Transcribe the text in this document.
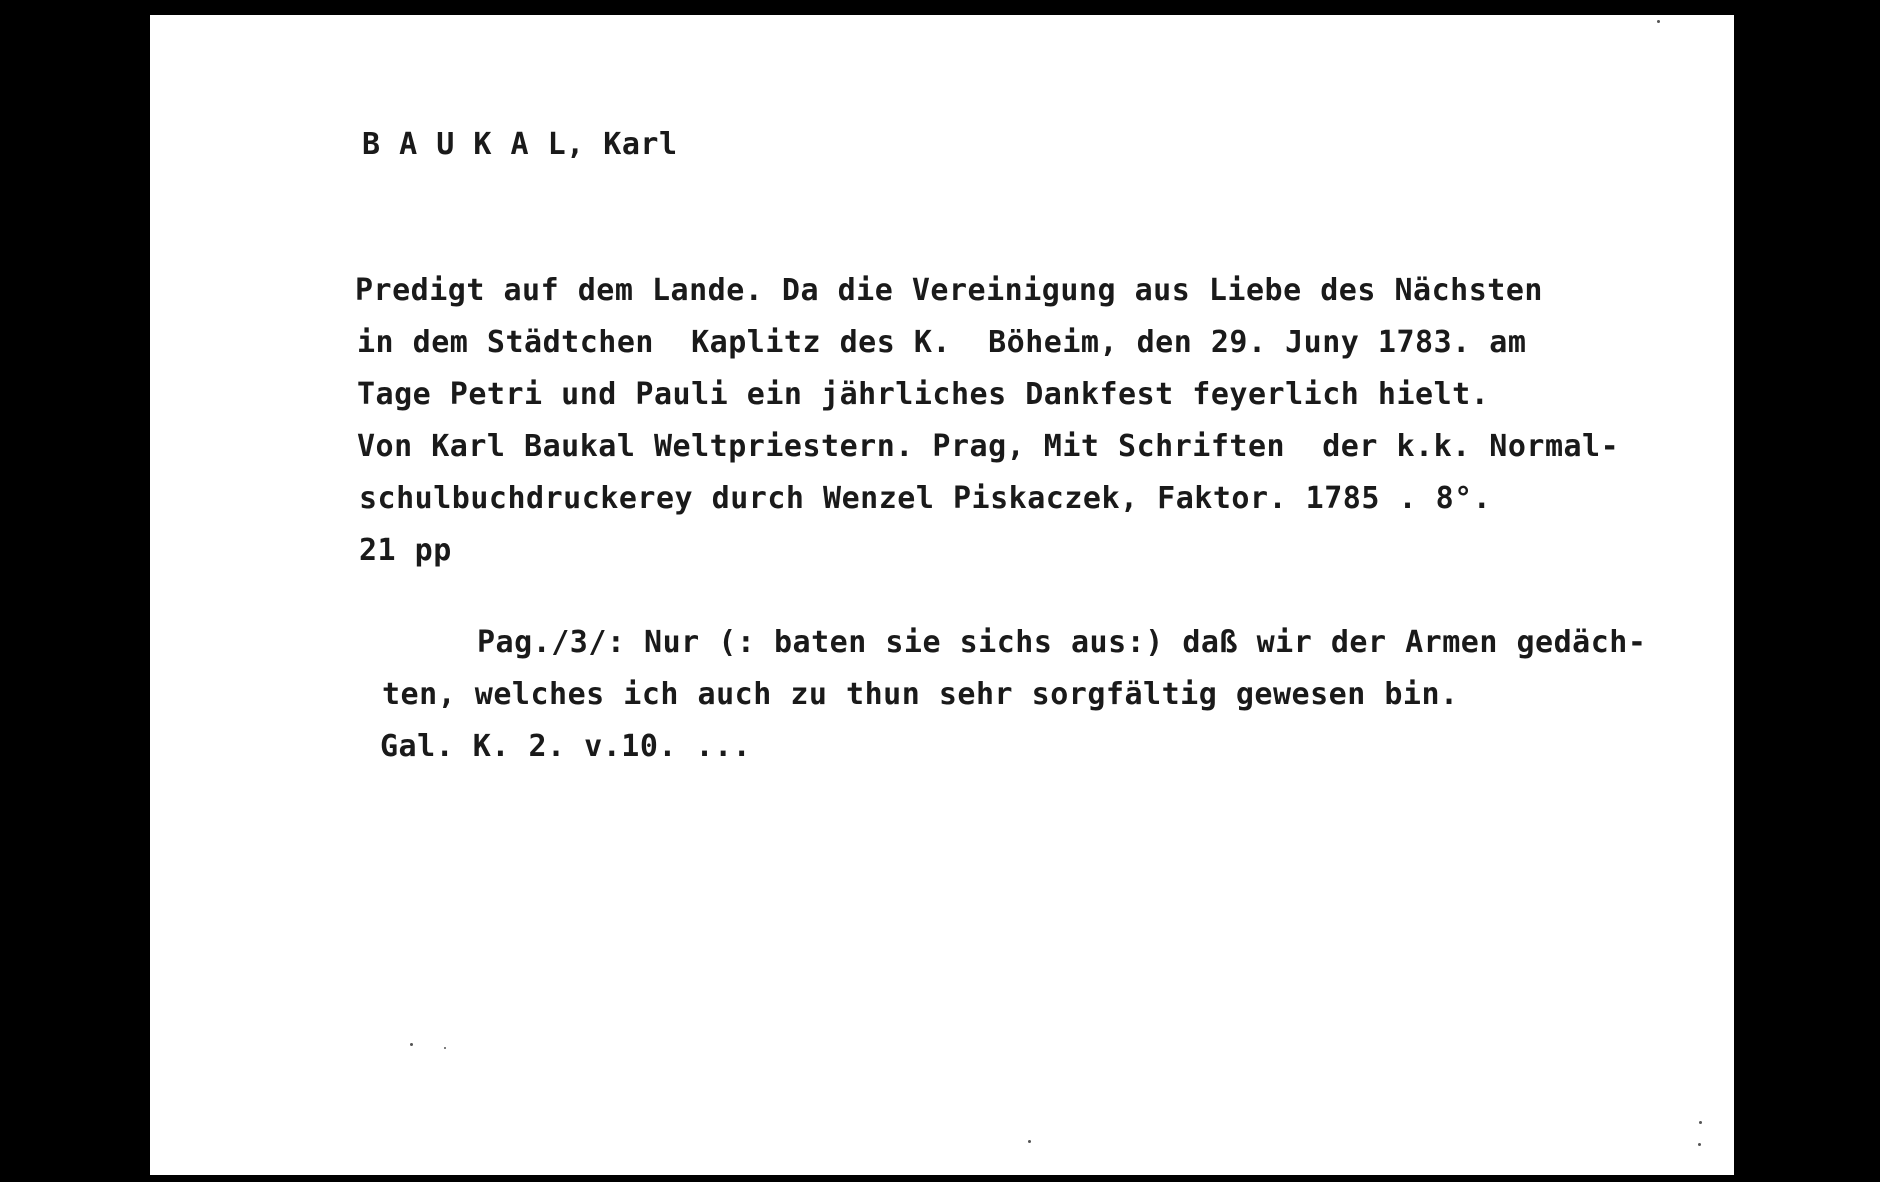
B A U K A L, Karl
Predigt auf dem Lande. Da die Vereinigung aus Liebe des Nächsten
in dem Städtchen  Kaplitz des K.  Böheim, den 29. Juny 1783. am
Tage Petri und Pauli ein jährliches Dankfest feyerlich hielt.
Von Karl Baukal Weltpriestern. Prag, Mit Schriften  der k.k. Normal-
schulbuchdruckerey durch Wenzel Piskaczek, Faktor. 1785 . 8°.
21 pp
Pag./3/: Nur (: baten sie sichs aus:) daß wir der Armen gedäch-
ten, welches ich auch zu thun sehr sorgfältig gewesen bin.
Gal. K. 2. v.10. ...
